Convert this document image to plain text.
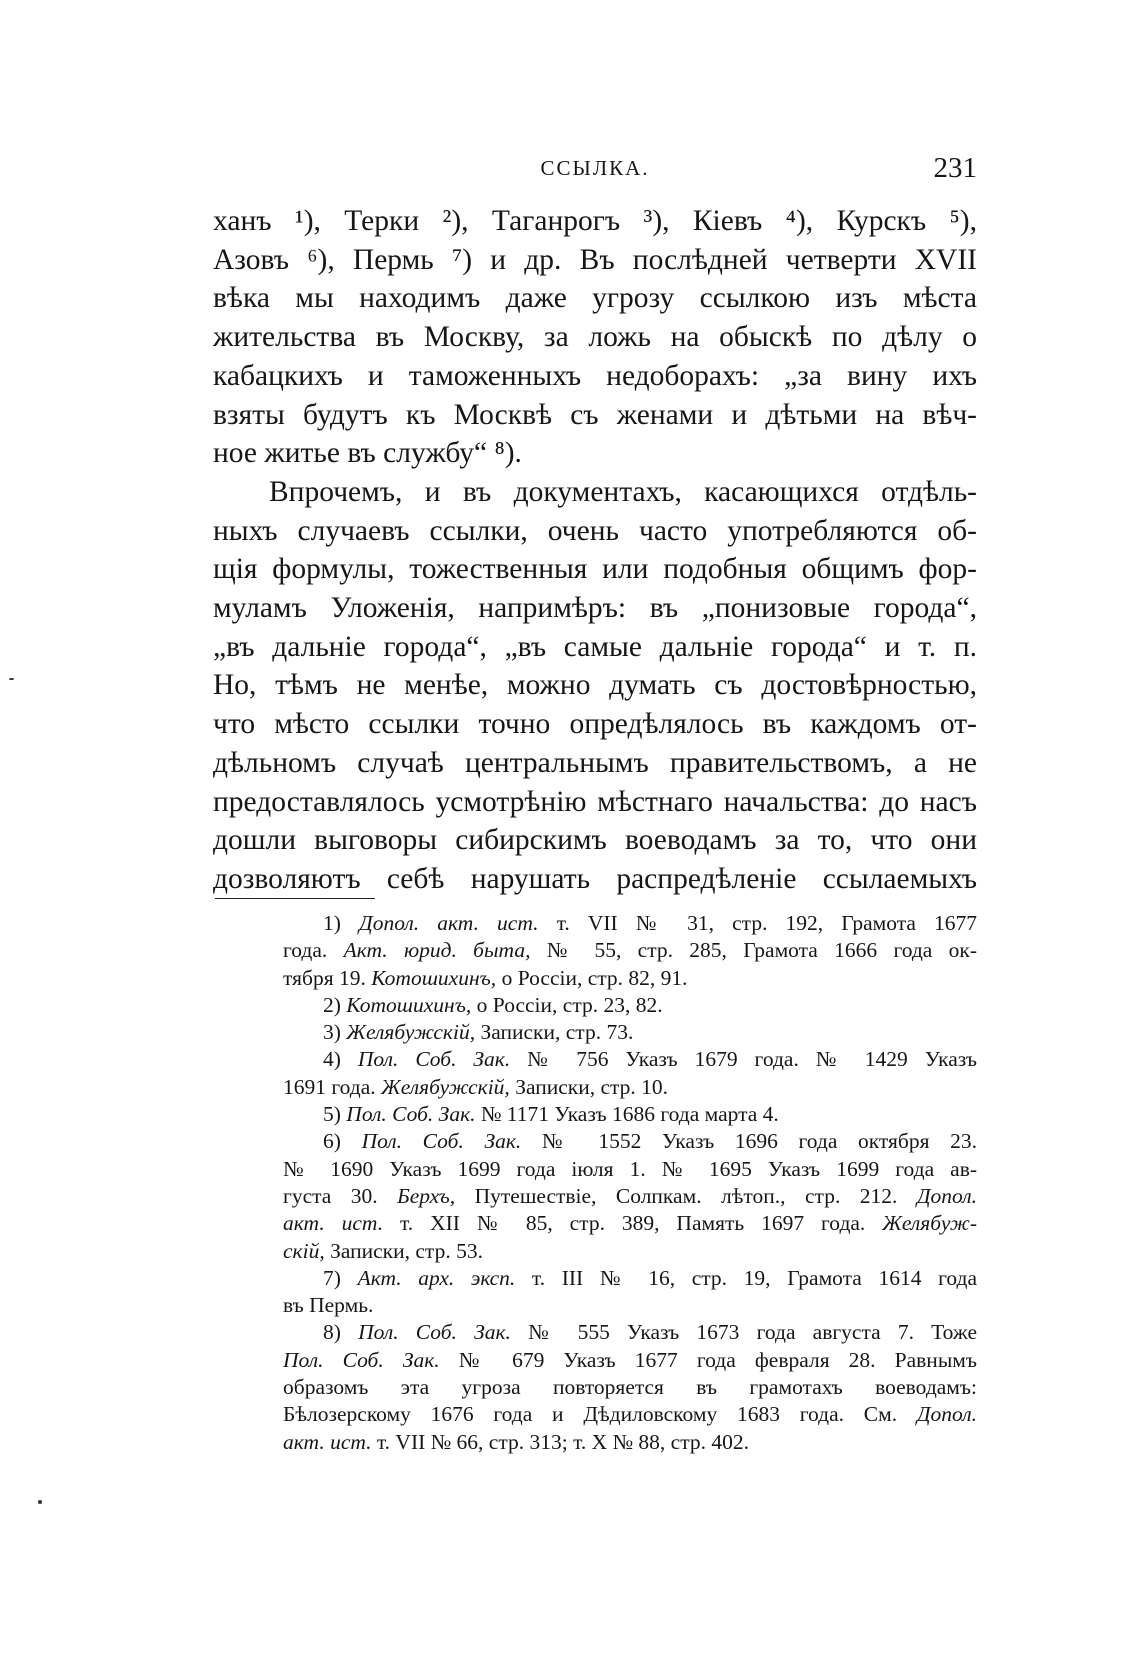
ССЫЛКА.	231
ханъ ¹), Терки ²), Таганрогъ ³), Кіевъ ⁴), Курскъ ⁵),
Азовъ ⁶), Пермь ⁷) и др. Въ послѣдней четверти XVII
вѣка мы находимъ даже угрозу ссылкою изъ мѣста
жительства въ Москву, за ложь на обыскѣ по дѣлу о
кабацкихъ и таможенныхъ недоборахъ: „за вину ихъ
взяты будутъ къ Москвѣ съ женами и дѣтьми на вѣч-
ное житье въ службу“ ⁸).
Впрочемъ, и въ документахъ, касающихся отдѣль-
ныхъ случаевъ ссылки, очень часто употребляются об-
щія формулы, тожественныя или подобныя общимъ фор-
муламъ Уложенія, напримѣръ: въ „понизовые города“,
„въ дальніе города“, „въ самые дальніе города“ и т. п.
Но, тѣмъ не менѣе, можно думать съ достовѣрностью,
что мѣсто ссылки точно опредѣлялось въ каждомъ от-
дѣльномъ случаѣ центральнымъ правительствомъ, а не
предоставлялось усмотрѣнію мѣстнаго начальства: до насъ
дошли выговоры сибирскимъ воеводамъ за то, что они
дозволяютъ себѣ нарушать распредѣленіе ссылаемыхъ
1) Допол. акт. ист. т. VII № 31, стр. 192, Грамота 1677
года. Акт. юрид. быта, № 55, стр. 285, Грамота 1666 года ок-
тября 19. Котошихинъ, о Россіи, стр. 82, 91.
2) Котошихинъ, о Россіи, стр. 23, 82.
3) Желябужскій, Записки, стр. 73.
4) Пол. Соб. Зак. № 756 Указъ 1679 года. № 1429 Указъ
1691 года. Желябужскій, Записки, стр. 10.
5) Пол. Соб. Зак. № 1171 Указъ 1686 года марта 4.
6) Пол. Соб. Зак. № 1552 Указъ 1696 года октября 23.
№ 1690 Указъ 1699 года іюля 1. № 1695 Указъ 1699 года ав-
густа 30. Берхъ, Путешествіе, Солпкам. лѣтоп., стр. 212. Допол.
акт. ист. т. XII № 85, стр. 389, Память 1697 года. Желябуж-
скій, Записки, стр. 53.
7) Акт. арх. эксп. т. III № 16, стр. 19, Грамота 1614 года
въ Пермь.
8) Пол. Соб. Зак. № 555 Указъ 1673 года августа 7. Тоже
Пол. Соб. Зак. № 679 Указъ 1677 года февраля 28. Равнымъ
образомъ эта угроза повторяется въ грамотахъ воеводамъ:
Бѣлозерскому 1676 года и Дѣдиловскому 1683 года. См. Допол.
акт. ист. т. VII № 66, стр. 313; т. X № 88, стр. 402.
